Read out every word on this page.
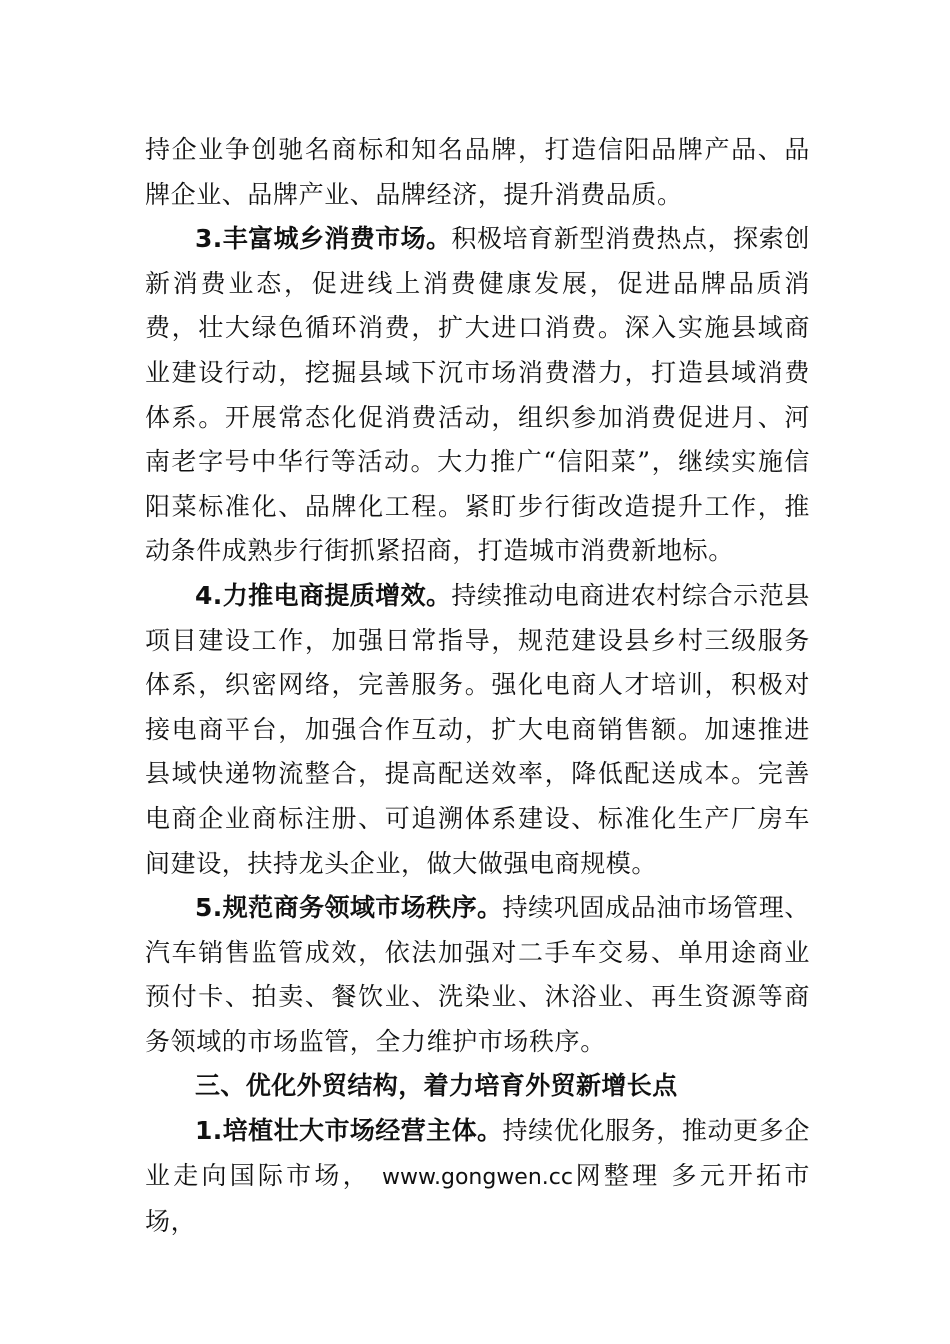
持企业争创驰名商标和知名品牌，打造信阳品牌产品、品牌企业、品牌产业、品牌经济，提升消费品质。

3.丰富城乡消费市场。积极培育新型消费热点，探索创新消费业态，促进线上消费健康发展，促进品牌品质消费，壮大绿色循环消费，扩大进口消费。深入实施县域商业建设行动，挖掘县域下沉市场消费潜力，打造县域消费体系。开展常态化促消费活动，组织参加消费促进月、河南老字号中华行等活动。大力推广“信阳菜”，继续实施信阳菜标准化、品牌化工程。紧盯步行街改造提升工作，推动条件成熟步行街抓紧招商，打造城市消费新地标。

4.力推电商提质增效。持续推动电商进农村综合示范县项目建设工作，加强日常指导，规范建设县乡村三级服务体系，织密网络，完善服务。强化电商人才培训，积极对接电商平台，加强合作互动，扩大电商销售额。加速推进县域快递物流整合，提高配送效率，降低配送成本。完善电商企业商标注册、可追溯体系建设、标准化生产厂房车间建设，扶持龙头企业，做大做强电商规模。

5.规范商务领域市场秩序。持续巩固成品油市场管理、汽车销售监管成效，依法加强对二手车交易、单用途商业预付卡、拍卖、餐饮业、洗染业、沐浴业、再生资源等商务领域的市场监管，全力维护市场秩序。

三、优化外贸结构，着力培育外贸新增长点

1.培植壮大市场经营主体。持续优化服务，推动更多企业走向国际市场， www.gongwen.cc网整理 多元开拓市场，
